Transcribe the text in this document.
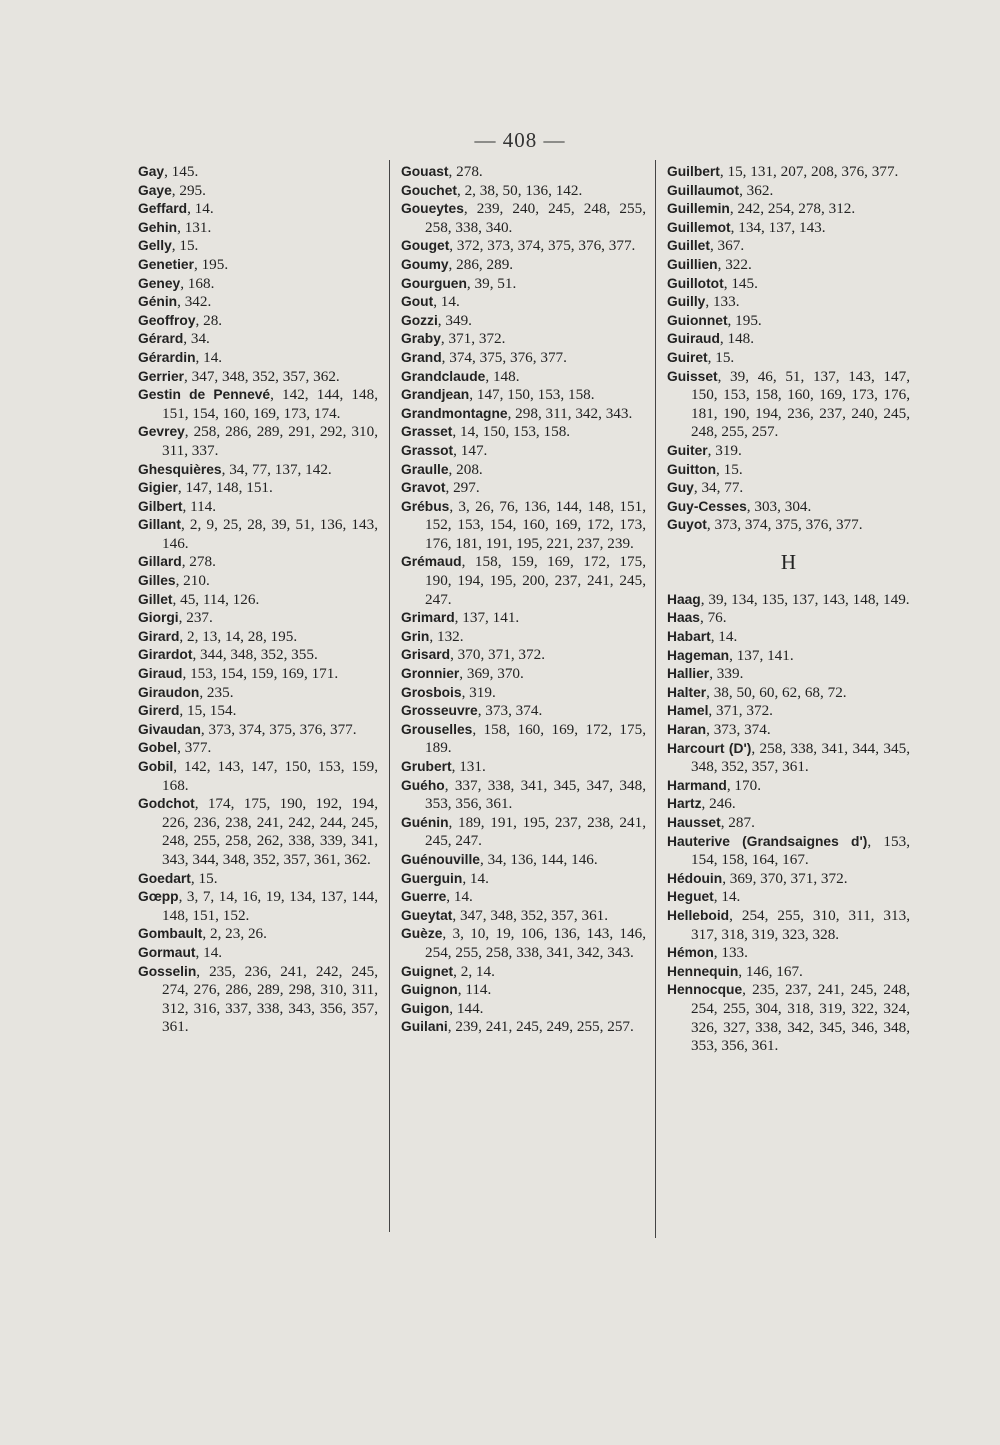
— 408 —
Gay, 145.
Gaye, 295.
Geffard, 14.
Gehin, 131.
Gelly, 15.
Genetier, 195.
Geney, 168.
Génin, 342.
Geoffroy, 28.
Gérard, 34.
Gérardin, 14.
Gerrier, 347, 348, 352, 357, 362.
Gestin de Pennevé, 142, 144, 148, 151, 154, 160, 169, 173, 174.
Gevrey, 258, 286, 289, 291, 292, 310, 311, 337.
Ghesquières, 34, 77, 137, 142.
Gigier, 147, 148, 151.
Gilbert, 114.
Gillant, 2, 9, 25, 28, 39, 51, 136, 143, 146.
Gillard, 278.
Gilles, 210.
Gillet, 45, 114, 126.
Giorgi, 237.
Girard, 2, 13, 14, 28, 195.
Girardot, 344, 348, 352, 355.
Giraud, 153, 154, 159, 169, 171.
Giraudon, 235.
Girerd, 15, 154.
Givaudan, 373, 374, 375, 376, 377.
Gobel, 377.
Gobil, 142, 143, 147, 150, 153, 159, 168.
Godchot, 174, 175, 190, 192, 194, 226, 236, 238, 241, 242, 244, 245, 248, 255, 258, 262, 338, 339, 341, 343, 344, 348, 352, 357, 361, 362.
Goedart, 15.
Gœpp, 3, 7, 14, 16, 19, 134, 137, 144, 148, 151, 152.
Gombault, 2, 23, 26.
Gormaut, 14.
Gosselin, 235, 236, 241, 242, 245, 274, 276, 286, 289, 298, 310, 311, 312, 316, 337, 338, 343, 356, 357, 361.
Gouast, 278.
Gouchet, 2, 38, 50, 136, 142.
Goueytes, 239, 240, 245, 248, 255, 258, 338, 340.
Gouget, 372, 373, 374, 375, 376, 377.
Goumy, 286, 289.
Gourguen, 39, 51.
Gout, 14.
Gozzi, 349.
Graby, 371, 372.
Grand, 374, 375, 376, 377.
Grandclaude, 148.
Grandjean, 147, 150, 153, 158.
Grandmontagne, 298, 311, 342, 343.
Grasset, 14, 150, 153, 158.
Grassot, 147.
Graulle, 208.
Gravot, 297.
Grébus, 3, 26, 76, 136, 144, 148, 151, 152, 153, 154, 160, 169, 172, 173, 176, 181, 191, 195, 221, 237, 239.
Grémaud, 158, 159, 169, 172, 175, 190, 194, 195, 200, 237, 241, 245, 247.
Grimard, 137, 141.
Grin, 132.
Grisard, 370, 371, 372.
Gronnier, 369, 370.
Grosbois, 319.
Grosseuvre, 373, 374.
Grouselles, 158, 160, 169, 172, 175, 189.
Grubert, 131.
Guého, 337, 338, 341, 345, 347, 348, 353, 356, 361.
Guénin, 189, 191, 195, 237, 238, 241, 245, 247.
Guénouville, 34, 136, 144, 146.
Guerguin, 14.
Guerre, 14.
Gueytat, 347, 348, 352, 357, 361.
Guèze, 3, 10, 19, 106, 136, 143, 146, 254, 255, 258, 338, 341, 342, 343.
Guignet, 2, 14.
Guignon, 114.
Guigon, 144.
Guilani, 239, 241, 245, 249, 255, 257.
Guilbert, 15, 131, 207, 208, 376, 377.
Guillaumot, 362.
Guillemin, 242, 254, 278, 312.
Guillemot, 134, 137, 143.
Guillet, 367.
Guillien, 322.
Guillotot, 145.
Guilly, 133.
Guionnet, 195.
Guiraud, 148.
Guiret, 15.
Guisset, 39, 46, 51, 137, 143, 147, 150, 153, 158, 160, 169, 173, 176, 181, 190, 194, 236, 237, 240, 245, 248, 255, 257.
Guiter, 319.
Guitton, 15.
Guy, 34, 77.
Guy-Cesses, 303, 304.
Guyot, 373, 374, 375, 376, 377.
H
Haag, 39, 134, 135, 137, 143, 148, 149.
Haas, 76.
Habart, 14.
Hageman, 137, 141.
Hallier, 339.
Halter, 38, 50, 60, 62, 68, 72.
Hamel, 371, 372.
Haran, 373, 374.
Harcourt (D'), 258, 338, 341, 344, 345, 348, 352, 357, 361.
Harmand, 170.
Hartz, 246.
Hausset, 287.
Hauterive (Grandsaignes d'), 153, 154, 158, 164, 167.
Hédouin, 369, 370, 371, 372.
Heguet, 14.
Helleboid, 254, 255, 310, 311, 313, 317, 318, 319, 323, 328.
Hémon, 133.
Hennequin, 146, 167.
Hennocque, 235, 237, 241, 245, 248, 254, 255, 304, 318, 319, 322, 324, 326, 327, 338, 342, 345, 346, 348, 353, 356, 361.
